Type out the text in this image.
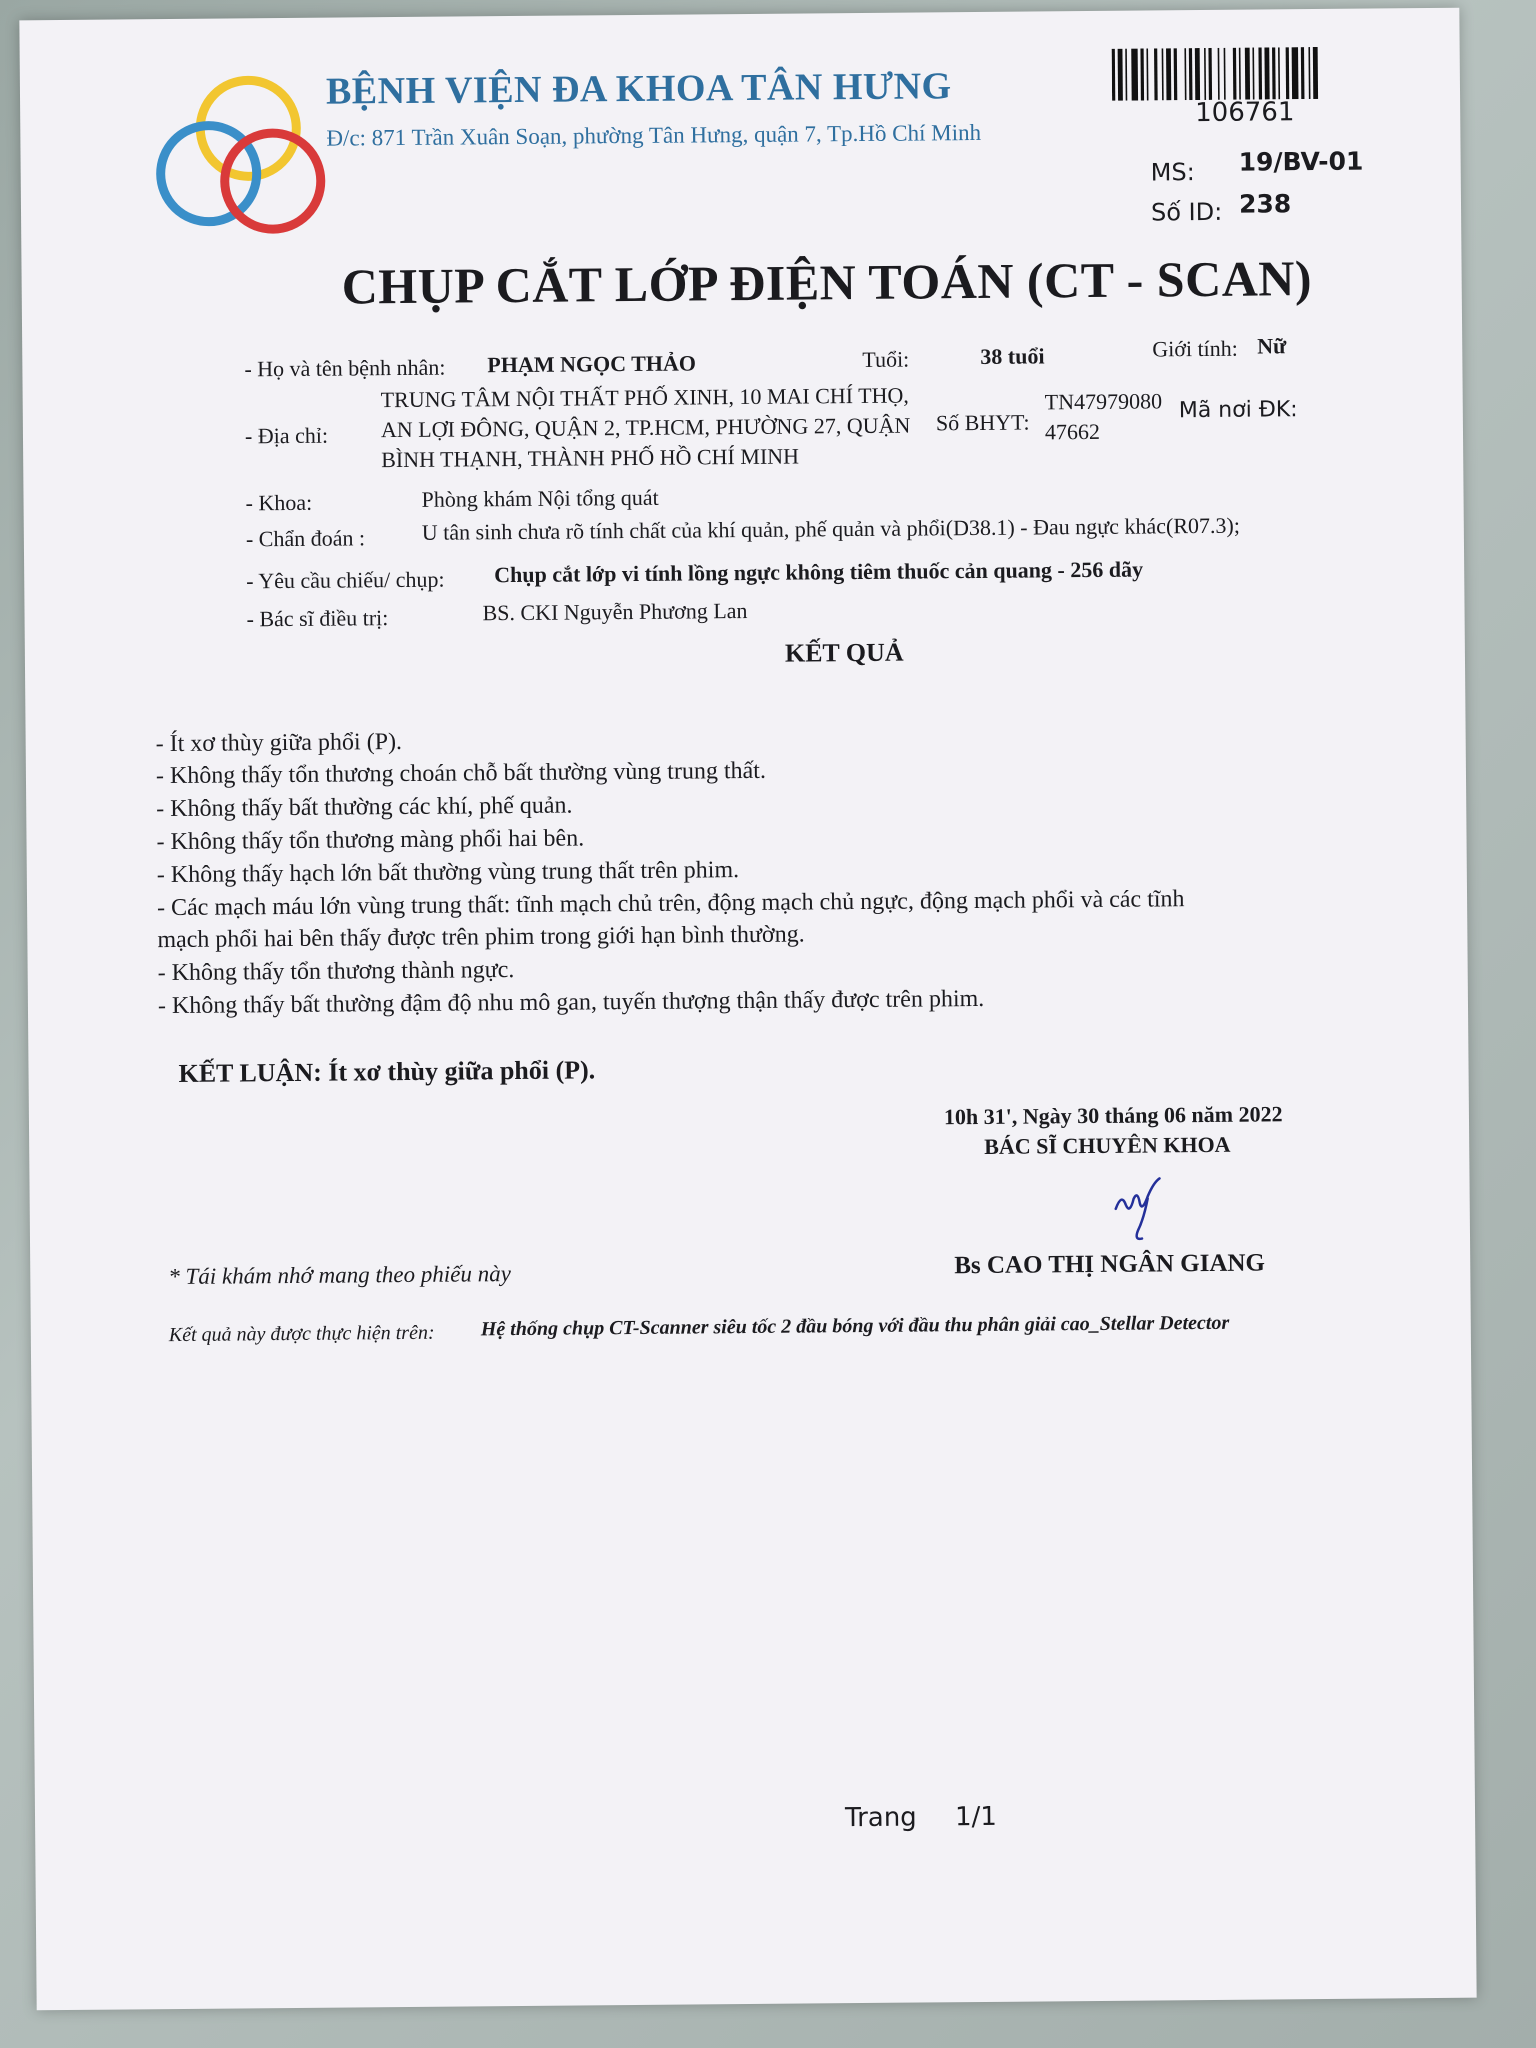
BỆNH VIỆN ĐA KHOA TÂN HƯNG
Đ/c: 871 Trần Xuân Soạn, phường Tân Hưng, quận 7, Tp.Hồ Chí Minh
106761
MS: 19/BV-01
Số ID: 238
CHỤP CẮT LỚP ĐIỆN TOÁN (CT - SCAN)
- Họ và tên bệnh nhân: PHẠM NGỌC THẢO	Tuổi:	38 tuổi	Giới tính: Nữ
- Địa chỉ:
TRUNG TÂM NỘI THẤT PHỐ XINH, 10 MAI CHÍ THỌ,
AN LỢI ĐÔNG, QUẬN 2, TP.HCM, PHƯỜNG 27, QUẬN
BÌNH THẠNH, THÀNH PHỐ HỒ CHÍ MINH
Số BHYT:
TN47979080
47662
Mã nơi ĐK:
- Khoa:	Phòng khám Nội tổng quát
- Chẩn đoán :	U tân sinh chưa rõ tính chất của khí quản, phế quản và phổi(D38.1) - Đau ngực khác(R07.3);
- Yêu cầu chiếu/ chụp: Chụp cắt lớp vi tính lồng ngực không tiêm thuốc cản quang - 256 dãy
- Bác sĩ điều trị:	BS. CKI Nguyễn Phương Lan
KẾT QUẢ
- Ít xơ thùy giữa phổi (P).
- Không thấy tổn thương choán chỗ bất thường vùng trung thất.
- Không thấy bất thường các khí, phế quản.
- Không thấy tổn thương màng phổi hai bên.
- Không thấy hạch lớn bất thường vùng trung thất trên phim.
- Các mạch máu lớn vùng trung thất: tĩnh mạch chủ trên, động mạch chủ ngực, động mạch phổi và các tĩnh
mạch phổi hai bên thấy được trên phim trong giới hạn bình thường.
- Không thấy tổn thương thành ngực.
- Không thấy bất thường đậm độ nhu mô gan, tuyến thượng thận thấy được trên phim.
KẾT LUẬN: Ít xơ thùy giữa phổi (P).
10h 31', Ngày 30 tháng 06 năm 2022
BÁC SĨ CHUYÊN KHOA
Bs CAO THỊ NGÂN GIANG
* Tái khám nhớ mang theo phiếu này
Kết quả này được thực hiện trên: Hệ thống chụp CT-Scanner siêu tốc 2 đầu bóng với đầu thu phân giải cao_Stellar Detector
Trang 1/1
